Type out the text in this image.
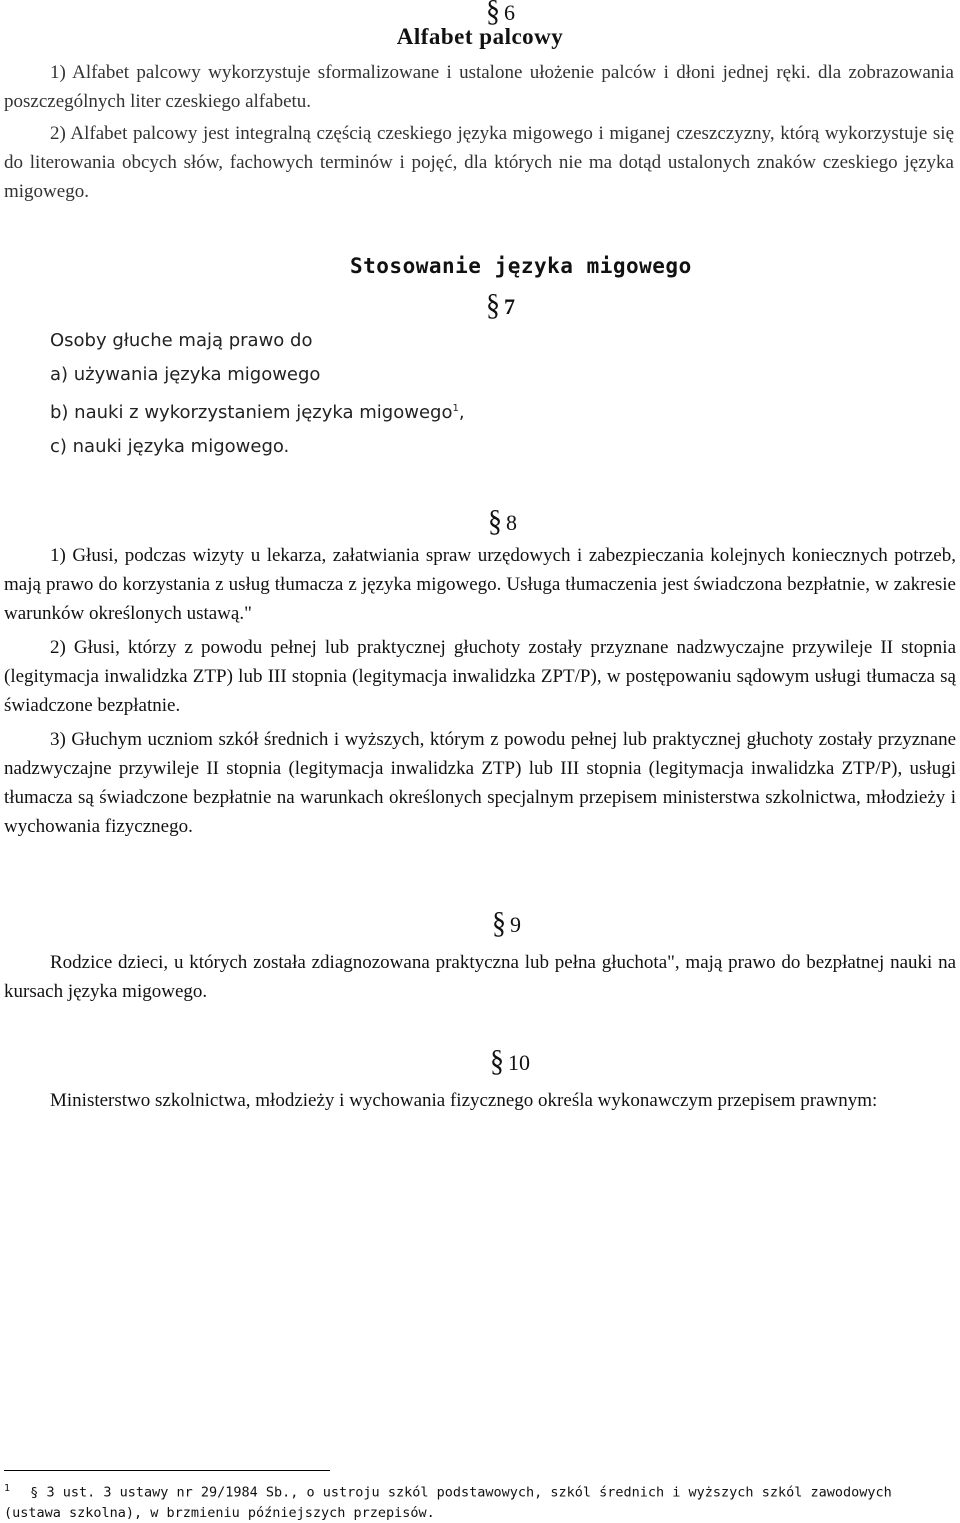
§ 6
Alfabet palcowy

1) Alfabet palcowy wykorzystuje sformalizowane i ustalone ułożenie palców i dłoni jednej ręki. dla zobrazowania poszczególnych liter czeskiego alfabetu.

2) Alfabet palcowy jest integralną częścią czeskiego języka migowego i miganej czeszczyzny, którą wykorzystuje się do literowania obcych słów, fachowych terminów i pojęć, dla których nie ma dotąd ustalonych znaków czeskiego języka migowego.

Stosowanie języka migowego
§ 7
Osoby głuche mają prawo do
a) używania języka migowego
b) nauki z wykorzystaniem języka migowego$^1$,
c) nauki języka migowego.
§ 8

1) Głusi, podczas wizyty u lekarza, załatwiania spraw urzędowych i zabezpieczania kolejnych koniecznych potrzeb, mają prawo do korzystania z usług tłumacza z języka migowego. Usługa tłumaczenia jest świadczona bezpłatnie, w zakresie warunków określonych ustawą."

2) Głusi, którzy z powodu pełnej lub praktycznej głuchoty zostały przyznane nadzwyczajne przywileje II stopnia (legitymacja inwalidzka ZTP) lub III stopnia (legitymacja inwalidzka ZPT/P), w postępowaniu sądowym usługi tłumacza są świadczone bezpłatnie.

3) Głuchym uczniom szkół średnich i wyższych, którym z powodu pełnej lub praktycznej głuchoty zostały przyznane nadzwyczajne przywileje II stopnia (legitymacja inwalidzka ZTP) lub III stopnia (legitymacja inwalidzka ZTP/P), usługi tłumacza są świadczone bezpłatnie na warunkach określonych specjalnym przepisem ministerstwa szkolnictwa, młodzieży i wychowania fizycznego.

§ 9

Rodzice dzieci, u których została zdiagnozowana praktyczna lub pełna głuchota", mają prawo do bezpłatnej nauki na kursach języka migowego.

§ 10

Ministerstwo szkolnictwa, młodzieży i wychowania fizycznego określa wykonawczym przepisem prawnym:

$^1$ § 3 ust. 3 ustawy nr 29/1984 Sb., o ustroju szkól podstawowych, szkól średnich i wyższych szkól zawodowych (ustawa szkolna), w brzmieniu późniejszych przepisów.
